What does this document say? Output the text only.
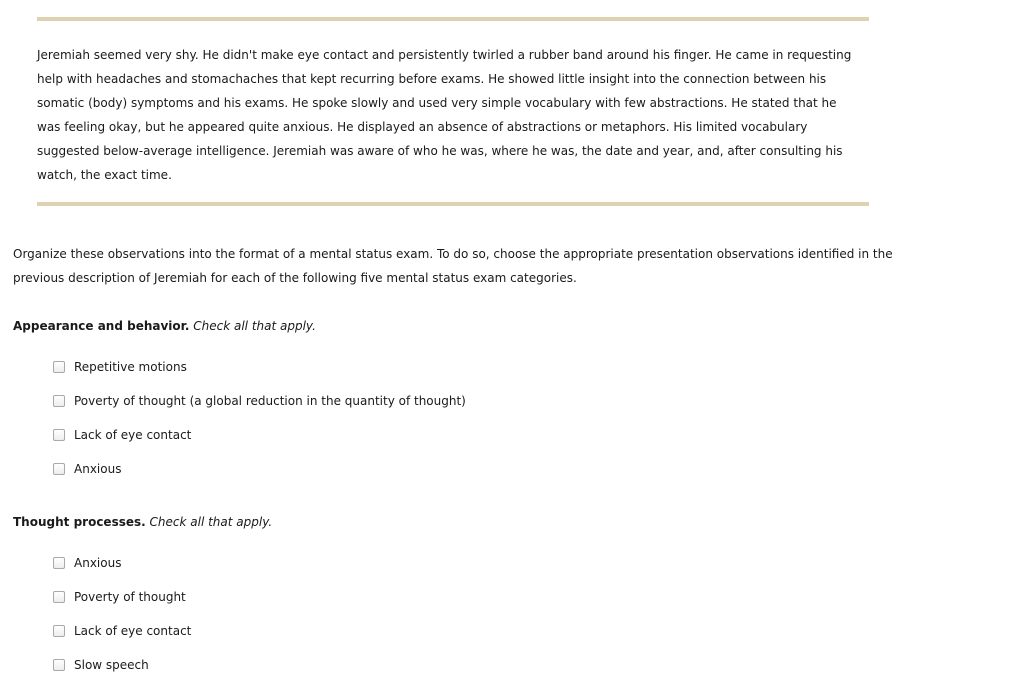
Jeremiah seemed very shy. He didn't make eye contact and persistently twirled a rubber band around his finger. He came in requesting
help with headaches and stomachaches that kept recurring before exams. He showed little insight into the connection between his
somatic (body) symptoms and his exams. He spoke slowly and used very simple vocabulary with few abstractions. He stated that he
was feeling okay, but he appeared quite anxious. He displayed an absence of abstractions or metaphors. His limited vocabulary
suggested below-average intelligence. Jeremiah was aware of who he was, where he was, the date and year, and, after consulting his
watch, the exact time.

Organize these observations into the format of a mental status exam. To do so, choose the appropriate presentation observations identified in the
previous description of Jeremiah for each of the following five mental status exam categories.

Appearance and behavior. Check all that apply.

Repetitive motions
Poverty of thought (a global reduction in the quantity of thought)
Lack of eye contact
Anxious

Thought processes. Check all that apply.

Anxious
Poverty of thought
Lack of eye contact
Slow speech
